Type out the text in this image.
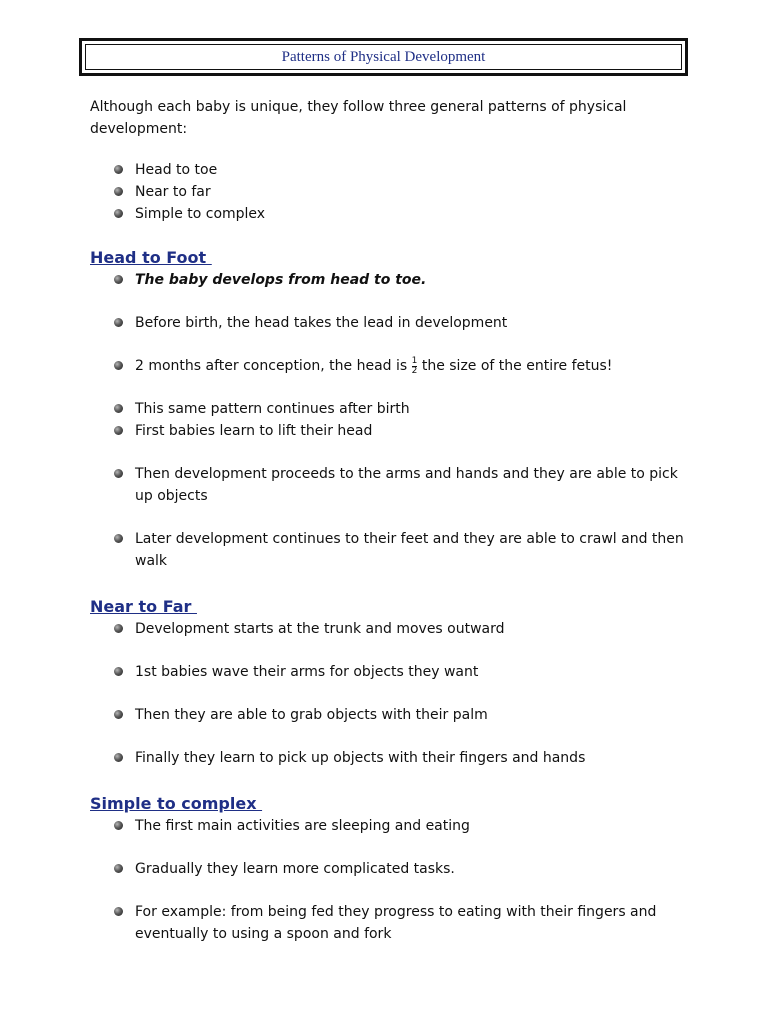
Patterns of Physical Development

Although each baby is unique, they follow three general patterns of physical development:

Head to toe
Near to far
Simple to complex
Head to Foot
The baby develops from head to toe.
Before birth, the head takes the lead in development
2 months after conception, the head is $\frac{1}{2}$ the size of the entire fetus!
This same pattern continues after birth
First babies learn to lift their head
Then development proceeds to the arms and hands and they are able to pick up objects
Later development continues to their feet and they are able to crawl and then walk
Near to Far
Development starts at the trunk and moves outward
1st babies wave their arms for objects they want
Then they are able to grab objects with their palm
Finally they learn to pick up objects with their fingers and hands
Simple to complex
The first main activities are sleeping and eating
Gradually they learn more complicated tasks.
For example: from being fed they progress to eating with their fingers and eventually to using a spoon and fork
